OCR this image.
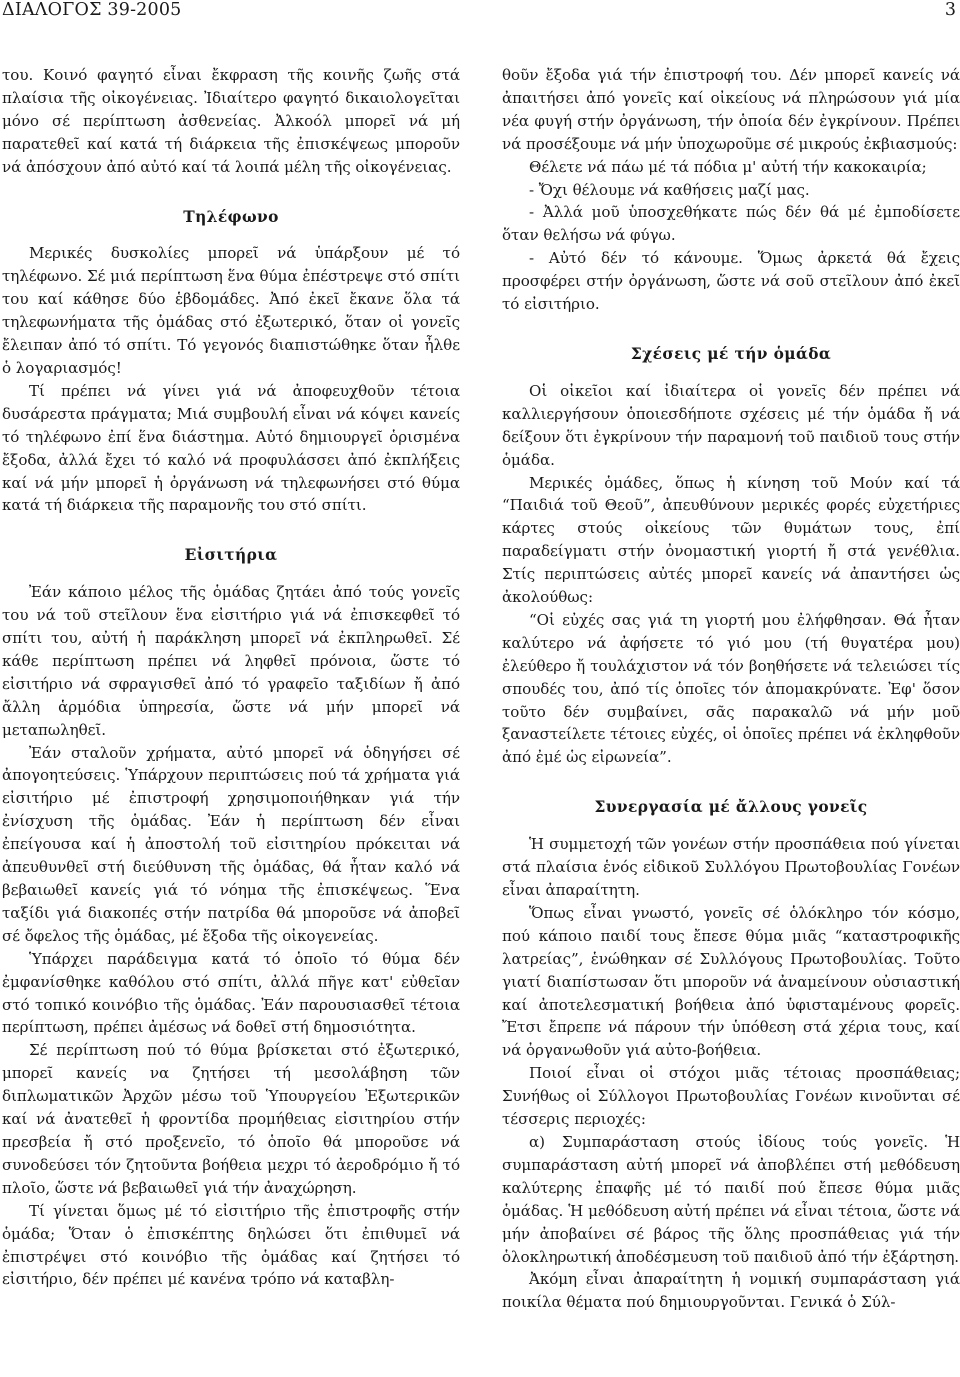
ΔΙΑΛΟΓΟΣ 39-2005	3

του. Κοινό φαγητό εἶναι ἔκφραση τῆς κοινῆς ζωῆς στά πλαίσια τῆς οἰκογένειας. Ἰδιαίτερο φαγητό δικαιολογεῖται μόνο σέ περίπτωση ἀσθενείας. Ἀλκοόλ μπορεῖ νά μή παρατεθεῖ καί κατά τή διάρκεια τῆς ἐπισκέψεως μποροῦν νά ἀπόσχουν ἀπό αὐτό καί τά λοιπά μέλη τῆς οἰκογένειας.

Τηλέφωνο

Μερικές δυσκολίες μπορεῖ νά ὑπάρξουν μέ τό τηλέφωνο. Σέ μιά περίπτωση ἕνα θύμα ἐπέστρεψε στό σπίτι του καί κάθησε δύο ἑβδομάδες. Ἀπό ἐκεῖ ἔκανε ὅλα τά τηλεφωνήματα τῆς ὁμάδας στό ἐξωτερικό, ὅταν οἱ γονεῖς ἔλειπαν ἀπό τό σπίτι. Τό γεγονός διαπιστώθηκε ὅταν ἦλθε ὁ λογαριασμός!

Τί πρέπει νά γίνει γιά νά ἀποφευχθοῦν τέτοια δυσάρεστα πράγματα; Μιά συμβουλή εἶναι νά κόψει κανείς τό τηλέφωνο ἐπί ἕνα διάστημα. Αὐτό δημιουργεῖ ὁρισμένα ἔξοδα, ἀλλά ἔχει τό καλό νά προφυλάσσει ἀπό ἐκπλήξεις καί νά μήν μπορεῖ ἡ ὀργάνωση νά τηλεφωνήσει στό θύμα κατά τή διάρκεια τῆς παραμονῆς του στό σπίτι.

Εἰσιτήρια

Ἐάν κάποιο μέλος τῆς ὁμάδας ζητάει ἀπό τούς γονεῖς του νά τοῦ στεῖλουν ἕνα εἰσιτήριο γιά νά ἐπισκεφθεῖ τό σπίτι του, αὐτή ἡ παράκληση μπορεῖ νά ἐκπληρωθεῖ. Σέ κάθε περίπτωση πρέπει νά ληφθεῖ πρόνοια, ὥστε τό εἰσιτήριο νά σφραγισθεῖ ἀπό τό γραφεῖο ταξιδίων ἤ ἀπό ἄλλη ἁρμόδια ὑπηρεσία, ὥστε νά μήν μπορεῖ νά μεταπωληθεῖ.

Ἐάν σταλοῦν χρήματα, αὐτό μπορεῖ νά ὁδηγήσει σέ ἀπογοητεύσεις. Ὑπάρχουν περιπτώσεις πού τά χρήματα γιά εἰσιτήριο μέ ἐπιστροφή χρησιμοποιήθηκαν γιά τήν ἐνίσχυση τῆς ὁμάδας. Ἐάν ἡ περίπτωση δέν εἶναι ἐπείγουσα καί ἡ ἀποστολή τοῦ εἰσιτηρίου πρόκειται νά ἀπευθυνθεῖ στή διεύθυνση τῆς ὁμάδας, θά ἦταν καλό νά βεβαιωθεῖ κανείς γιά τό νόημα τῆς ἐπισκέψεως. Ἕνα ταξίδι γιά διακοπές στήν πατρίδα θά μποροῦσε νά ἀποβεῖ σέ ὄφελος τῆς ὁμάδας, μέ ἔξοδα τῆς οἰκογενείας.

Ὑπάρχει παράδειγμα κατά τό ὁποῖο τό θύμα δέν ἐμφανίσθηκε καθόλου στό σπίτι, ἀλλά πῆγε κατ' εὐθεῖαν στό τοπικό κοινόβιο τῆς ὁμάδας. Ἐάν παρουσιασθεῖ τέτοια περίπτωση, πρέπει ἀμέσως νά δοθεῖ στή δημοσιότητα.

Σέ περίπτωση πού τό θύμα βρίσκεται στό ἐξωτερικό, μπορεῖ κανείς να ζητήσει τή μεσολάβηση τῶν διπλωματικῶν Ἀρχῶν μέσω τοῦ Ὑπουργείου Ἐξωτερικῶν καί νά ἀνατεθεῖ ἡ φροντίδα προμήθειας εἰσιτηρίου στήν πρεσβεία ἤ στό προξενεῖο, τό ὁποῖο θά μποροῦσε νά συνοδεύσει τόν ζητοῦντα βοήθεια μεχρι τό ἀεροδρόμιο ἤ τό πλοῖο, ὥστε νά βεβαιωθεῖ γιά τήν ἀναχώρηση.

Τί γίνεται ὅμως μέ τό εἰσιτήριο τῆς ἐπιστροφῆς στήν ὁμάδα; Ὅταν ὁ ἐπισκέπτης δηλώσει ὅτι ἐπιθυμεῖ νά ἐπιστρέψει στό κοινόβιο τῆς ὁμάδας καί ζητήσει τό εἰσιτήριο, δέν πρέπει μέ κανένα τρόπο νά καταβλη-

θοῦν ἔξοδα γιά τήν ἐπιστροφή του. Δέν μπορεῖ κανείς νά ἀπαιτήσει ἀπό γονεῖς καί οἰκείους νά πληρώσουν γιά μία νέα φυγή στήν ὀργάνωση, τήν ὁποία δέν ἐγκρίνουν. Πρέπει νά προσέξουμε νά μήν ὑποχωροῦμε σέ μικρούς ἐκβιασμούς:

Θέλετε νά πάω μέ τά πόδια μ' αὐτή τήν κακοκαιρία;

- Ὄχι θέλουμε νά καθήσεις μαζί μας.

- Ἀλλά μοῦ ὑποσχεθήκατε πώς δέν θά μέ ἐμποδίσετε ὅταν θελήσω νά φύγω.

- Αὐτό δέν τό κάνουμε. Ὅμως ἀρκετά θά ἔχεις προσφέρει στήν ὀργάνωση, ὥστε νά σοῦ στεῖλουν ἀπό ἐκεῖ τό εἰσιτήριο.

Σχέσεις μέ τήν ὁμάδα

Οἱ οἰκεῖοι καί ἰδιαίτερα οἱ γονεῖς δέν πρέπει νά καλλιεργήσουν ὁποιεσδήποτε σχέσεις μέ τήν ὁμάδα ἤ νά δείξουν ὅτι ἐγκρίνουν τήν παραμονή τοῦ παιδιοῦ τους στήν ὁμάδα.

Μερικές ὁμάδες, ὅπως ἡ κίνηση τοῦ Μούν καί τά “Παιδιά τοῦ Θεοῦ”, ἀπευθύνουν μερικές φορές εὐχετήριες κάρτες στούς οἰκείους τῶν θυμάτων τους, ἐπί παραδείγματι στήν ὀνομαστική γιορτή ἤ στά γενέθλια. Στίς περιπτώσεις αὐτές μπορεῖ κανείς νά ἀπαντήσει ὡς ἀκολούθως:

“Οἱ εὐχές σας γιά τη γιορτή μου ἐλήφθησαν. Θά ἦταν καλύτερο νά ἀφήσετε τό γιό μου (τή θυγατέρα μου) ἐλεύθερο ἤ τουλάχιστον νά τόν βοηθήσετε νά τελειώσει τίς σπουδές του, ἀπό τίς ὁποῖες τόν ἀπομακρύνατε. Ἐφ' ὅσον τοῦτο δέν συμβαίνει, σᾶς παρακαλῶ νά μήν μοῦ ξαναστείλετε τέτοιες εὐχές, οἱ ὁποῖες πρέπει νά ἐκληφθοῦν ἀπό ἐμέ ὡς εἰρωνεία”.

Συνεργασία μέ ἄλλους γονεῖς

Ἡ συμμετοχή τῶν γονέων στήν προσπάθεια πού γίνεται στά πλαίσια ἑνός εἰδικοῦ Συλλόγου Πρωτοβουλίας Γονέων εἶναι ἀπαραίτητη.

Ὅπως εἶναι γνωστό, γονεῖς σέ ὁλόκληρο τόν κόσμο, πού κάποιο παιδί τους ἔπεσε θύμα μιᾶς “καταστροφικῆς λατρείας”, ἑνώθηκαν σέ Συλλόγους Πρωτοβουλίας. Τοῦτο γιατί διαπίστωσαν ὅτι μποροῦν νά ἀναμείνουν οὐσιαστική καί ἀποτελεσματική βοήθεια ἀπό ὑφισταμένους φορεῖς. Ἔτσι ἔπρεπε νά πάρουν τήν ὑπόθεση στά χέρια τους, καί νά ὀργανωθοῦν γιά αὐτο-βοήθεια.

Ποιοί εἶναι οἱ στόχοι μιᾶς τέτοιας προσπάθειας; Συνήθως οἱ Σύλλογοι Πρωτοβουλίας Γονέων κινοῦνται σέ τέσσερις περιοχές:

α) Συμπαράσταση στούς ἰδίους τούς γονεῖς. Ἡ συμπαράσταση αὐτή μπορεῖ νά ἀποβλέπει στή μεθόδευση καλύτερης ἐπαφῆς μέ τό παιδί πού ἔπεσε θύμα μιᾶς ὁμάδας. Ἡ μεθόδευση αὐτή πρέπει νά εἶναι τέτοια, ὥστε νά μήν ἀποβαίνει σέ βάρος τῆς ὅλης προσπάθειας γιά τήν ὁλοκληρωτική ἀποδέσμευση τοῦ παιδιοῦ ἀπό τήν ἐξάρτηση.

Ἀκόμη εἶναι ἀπαραίτητη ἡ νομική συμπαράσταση γιά ποικίλα θέματα πού δημιουργοῦνται. Γενικά ὁ Σύλ-
